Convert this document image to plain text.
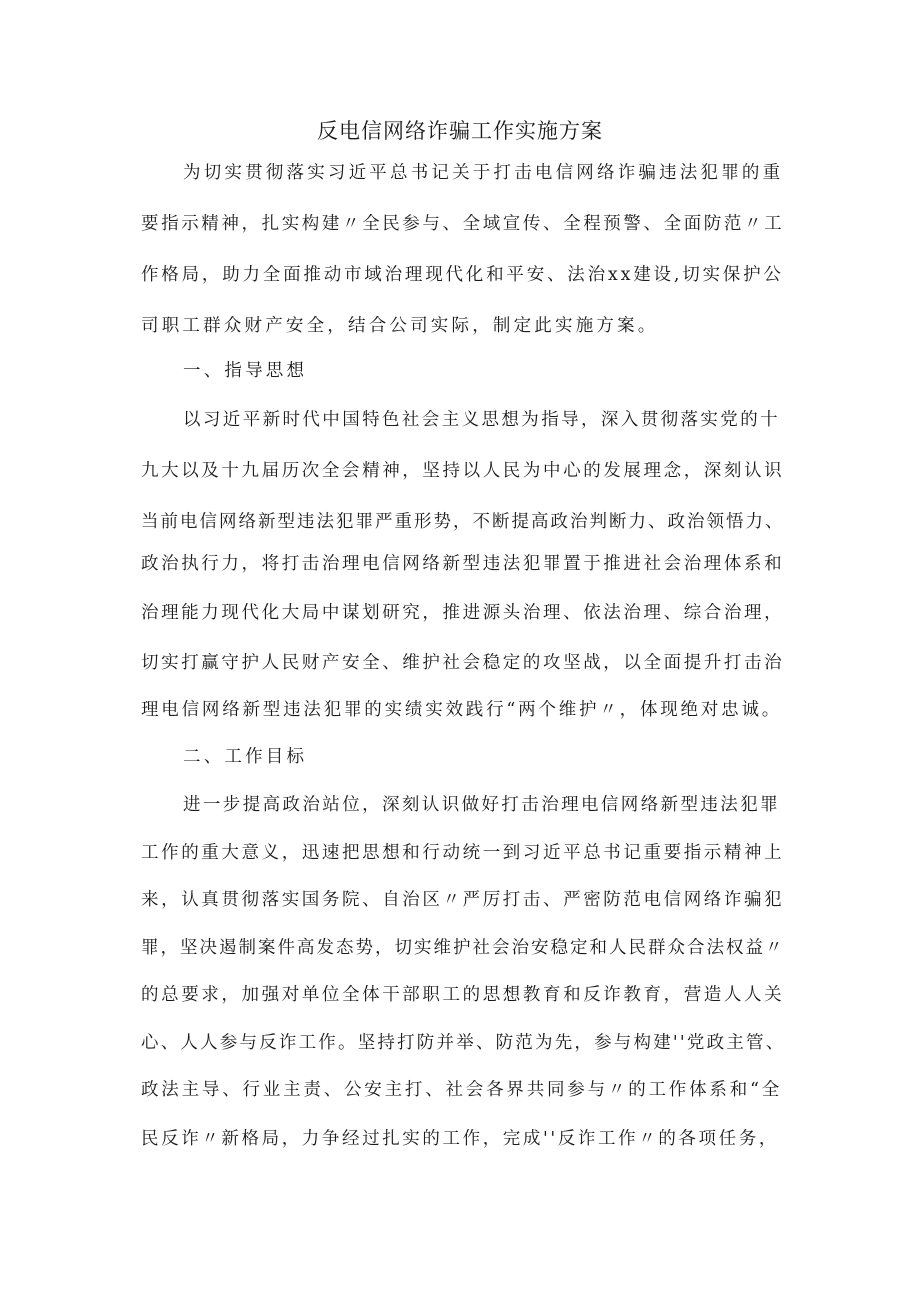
反电信网络诈骗工作实施方案

为切实贯彻落实习近平总书记关于打击电信网络诈骗违法犯罪的重

要指示精神，扎实构建〃全民参与、全域宣传、全程预警、全面防范〃工

作格局，助力全面推动市域治理现代化和平安、法治xx建设,切实保护公

司职工群众财产安全，结合公司实际，制定此实施方案。

一、指导思想

以习近平新时代中国特色社会主义思想为指导，深入贯彻落实党的十

九大以及十九届历次全会精神，坚持以人民为中心的发展理念，深刻认识

当前电信网络新型违法犯罪严重形势，不断提高政治判断力、政治领悟力、

政治执行力，将打击治理电信网络新型违法犯罪置于推进社会治理体系和

治理能力现代化大局中谋划研究，推进源头治理、依法治理、综合治理，

切实打赢守护人民财产安全、维护社会稳定的攻坚战，以全面提升打击治

理电信网络新型违法犯罪的实绩实效践行“两个维护〃，体现绝对忠诚。

二、工作目标

进一步提高政治站位，深刻认识做好打击治理电信网络新型违法犯罪

工作的重大意义，迅速把思想和行动统一到习近平总书记重要指示精神上

来，认真贯彻落实国务院、自治区〃严厉打击、严密防范电信网络诈骗犯

罪，坚决遏制案件高发态势，切实维护社会治安稳定和人民群众合法权益〃

的总要求，加强对单位全体干部职工的思想教育和反诈教育，营造人人关

心、人人参与反诈工作。坚持打防并举、防范为先，参与构建''党政主管、

政法主导、行业主责、公安主打、社会各界共同参与〃的工作体系和“全

民反诈〃新格局，力争经过扎实的工作，完成''反诈工作〃的各项任务，
